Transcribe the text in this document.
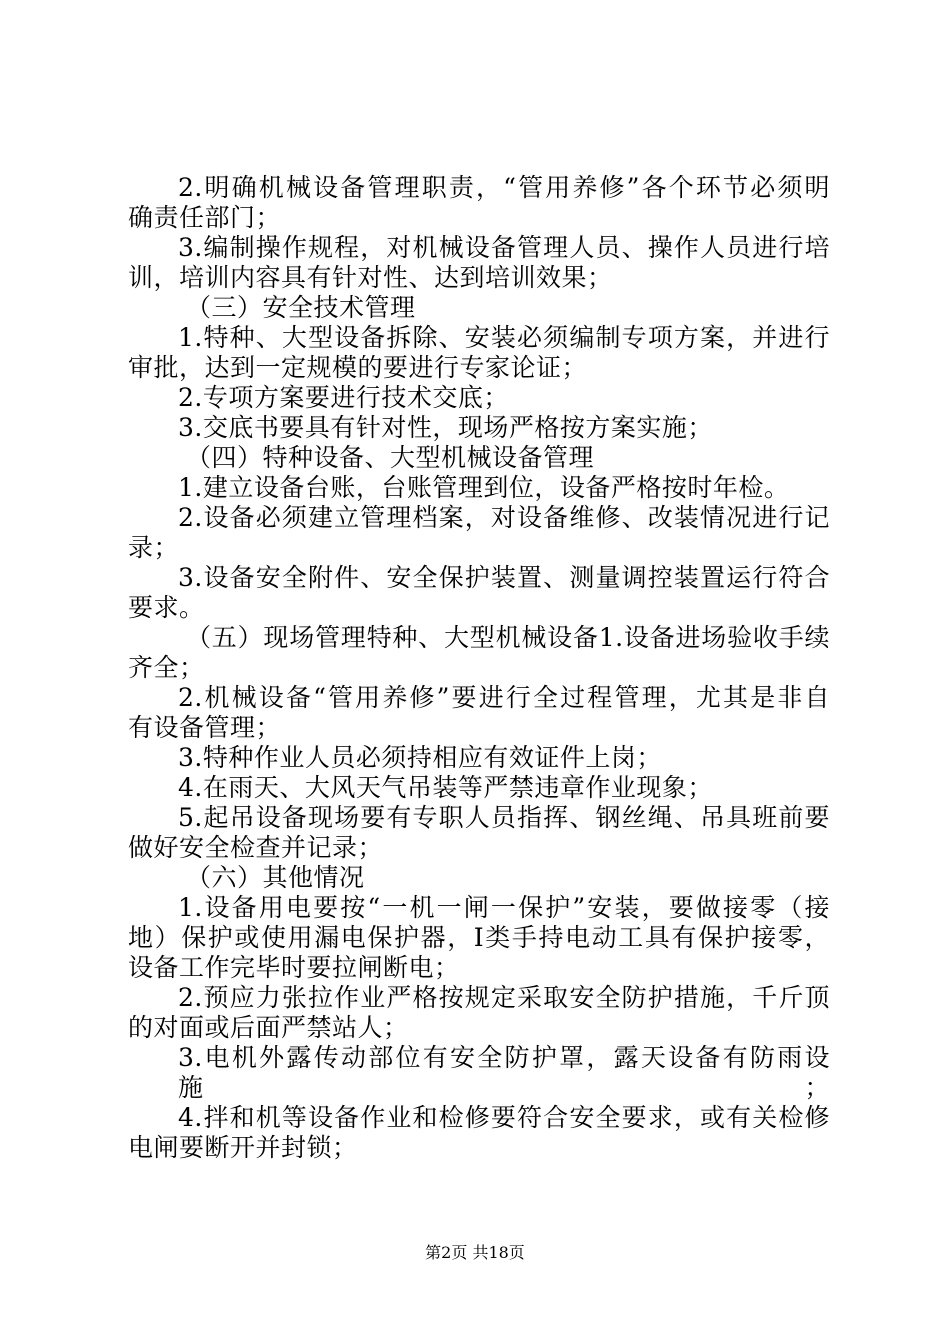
2.明确机械设备管理职责，“管用养修”各个环节必须明
确责任部门；
3.编制操作规程，对机械设备管理人员、操作人员进行培
训，培训内容具有针对性、达到培训效果；
（三）安全技术管理
1.特种、大型设备拆除、安装必须编制专项方案，并进行
审批，达到一定规模的要进行专家论证；
2.专项方案要进行技术交底；
3.交底书要具有针对性，现场严格按方案实施；
（四）特种设备、大型机械设备管理
1.建立设备台账，台账管理到位，设备严格按时年检。
2.设备必须建立管理档案，对设备维修、改装情况进行记
录；
3.设备安全附件、安全保护装置、测量调控装置运行符合
要求。
（五）现场管理特种、大型机械设备1.设备进场验收手续
齐全；
2.机械设备“管用养修”要进行全过程管理，尤其是非自
有设备管理；
3.特种作业人员必须持相应有效证件上岗；
4.在雨天、大风天气吊装等严禁违章作业现象；
5.起吊设备现场要有专职人员指挥、钢丝绳、吊具班前要
做好安全检查并记录；
（六）其他情况
1.设备用电要按“一机一闸一保护”安装，要做接零（接
地）保护或使用漏电保护器，Ⅰ类手持电动工具有保护接零，
设备工作完毕时要拉闸断电；
2.预应力张拉作业严格按规定采取安全防护措施，千斤顶
的对面或后面严禁站人；
3.电机外露传动部位有安全防护罩，露天设备有防雨设施；
4.拌和机等设备作业和检修要符合安全要求，或有关检修
电闸要断开并封锁；
第2页 共18页
